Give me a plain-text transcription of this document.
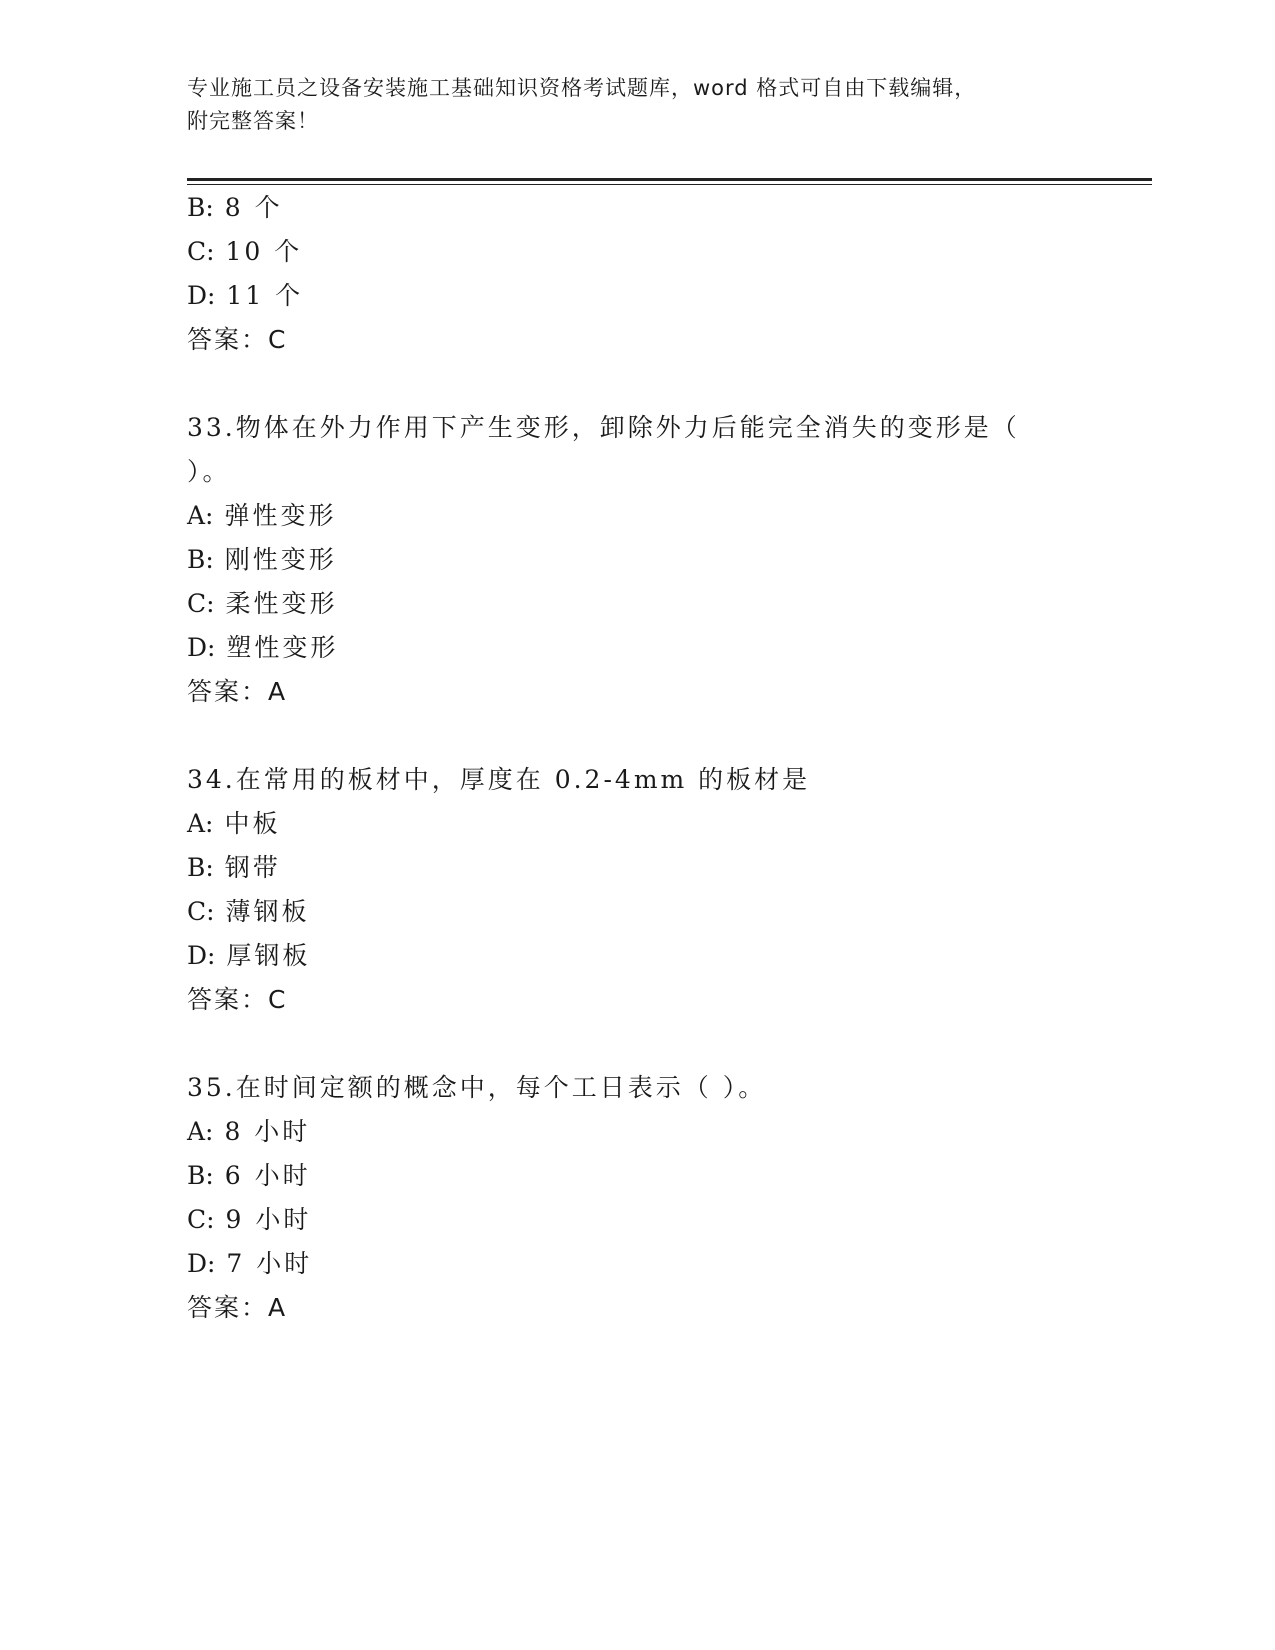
专业施工员之设备安装施工基础知识资格考试题库，word 格式可自由下载编辑，
附完整答案！
B: 8 个
C: 10 个
D: 11 个
答案：C
33.物体在外力作用下产生变形，卸除外力后能完全消失的变形是（
）。
A: 弹性变形
B: 刚性变形
C: 柔性变形
D: 塑性变形
答案：A
34.在常用的板材中，厚度在 0.2-4mm 的板材是
A: 中板
B: 钢带
C: 薄钢板
D: 厚钢板
答案：C
35.在时间定额的概念中，每个工日表示（ ）。
A: 8 小时
B: 6 小时
C: 9 小时
D: 7 小时
答案：A
